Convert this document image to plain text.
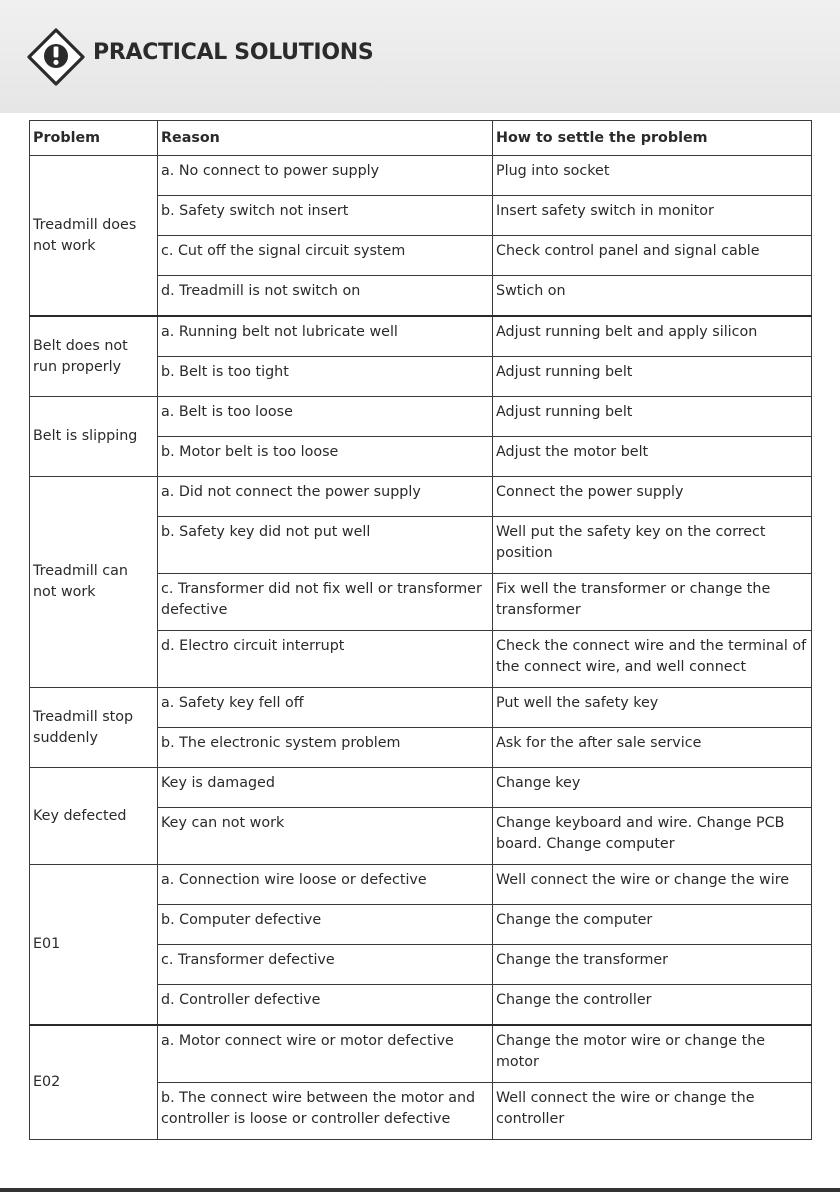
PRACTICAL SOLUTIONS
Problem	Reason	How to settle the problem
Treadmill does not work	a. No connect to power supply	Plug into socket
	b. Safety switch not insert	Insert safety switch in monitor
	c. Cut off the signal circuit system	Check control panel and signal cable
	d. Treadmill is not switch on	Swtich on
Belt does not run properly	a. Running belt not lubricate well	Adjust running belt and apply silicon
	b. Belt is too tight	Adjust running belt
Belt is slipping	a. Belt is too loose	Adjust running belt
	b. Motor belt is too loose	Adjust the motor belt
Treadmill can not work	a. Did not connect the power supply	Connect the power supply
	b. Safety key did not put well	Well put the safety key on the correct position
	c. Transformer did not fix well or transformer defective	Fix well the transformer or change the transformer
	d. Electro circuit interrupt	Check the connect wire and the terminal of the connect wire, and well connect
Treadmill stop suddenly	a. Safety key fell off	Put well the safety key
	b. The electronic system problem	Ask for the after sale service
Key defected	Key is damaged	Change key
	Key can not work	Change keyboard and wire. Change PCB board. Change computer
E01	a. Connection wire loose or defective	Well connect the wire or change the wire
	b. Computer defective	Change the computer
	c. Transformer defective	Change the transformer
	d. Controller defective	Change the controller
E02	a. Motor connect wire or motor defective	Change the motor wire or change the motor
	b. The connect wire between the motor and controller is loose or controller defective	Well connect the wire or change the controller
